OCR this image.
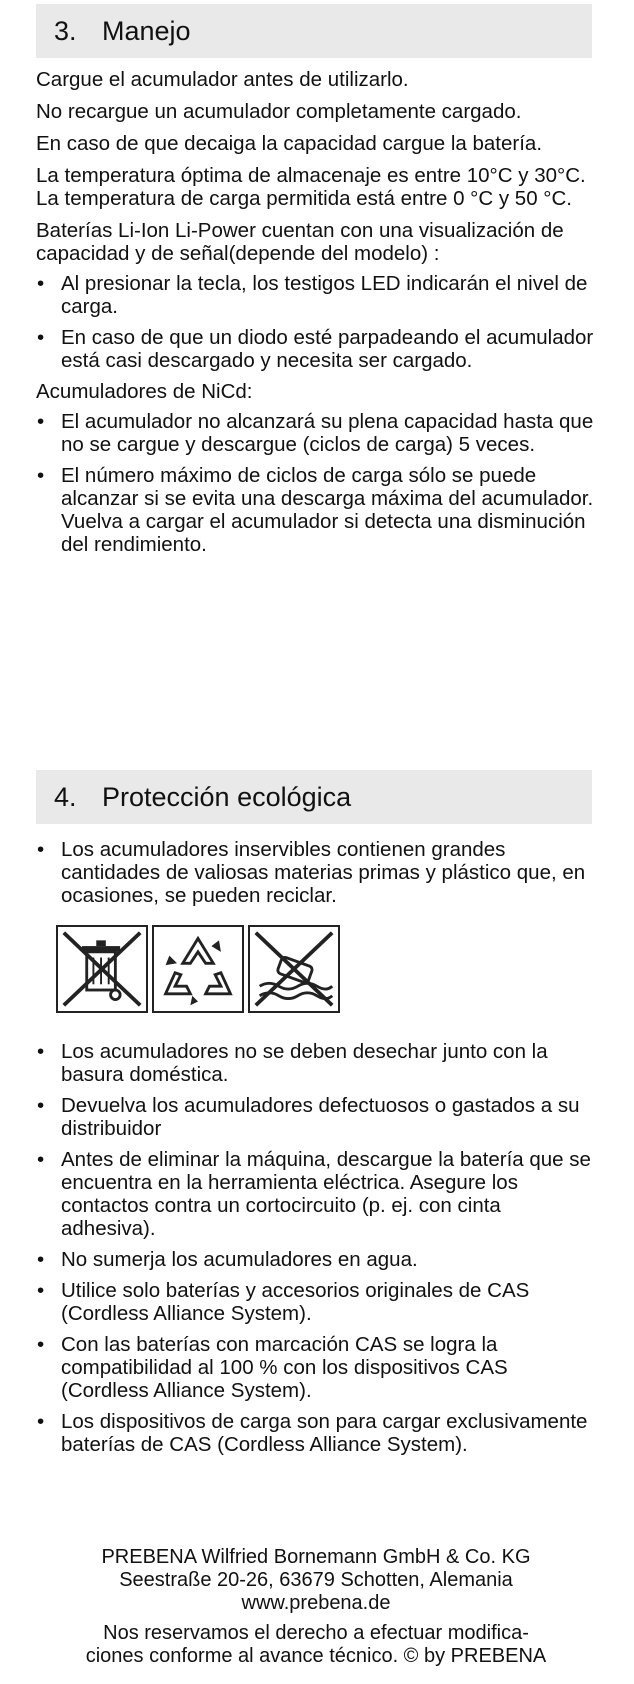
3. Manejo

Cargue el acumulador antes de utilizarlo.

No recargue un acumulador completamente cargado.

En caso de que decaiga la capacidad cargue la batería.

La temperatura óptima de almacenaje es entre 10°C y 30°C. La temperatura de carga permitida está entre 0 °C y 50 °C.

Baterías Li-Ion Li-Power cuentan con una visualización de capacidad y de señal(depende del modelo) :

• Al presionar la tecla, los testigos LED indicarán el nivel de carga.
• En caso de que un diodo esté parpadeando el acumulador está casi descargado y necesita ser cargado.

Acumuladores de NiCd:

• El acumulador no alcanzará su plena capacidad hasta que no se cargue y descargue (ciclos de carga) 5 veces.
• El número máximo de ciclos de carga sólo se puede alcanzar si se evita una descarga máxima del acumulador. Vuelva a cargar el acumulador si detecta una disminución del rendimiento.
4. Protección ecológica
• Los acumuladores inservibles contienen grandes cantidades de valiosas materias primas y plástico que, en ocasiones, se pueden reciclar.
• Los acumuladores no se deben desechar junto con la basura doméstica.
• Devuelva los acumuladores defectuosos o gastados a su distribuidor
• Antes de eliminar la máquina, descargue la batería que se encuentra en la herramienta eléctrica. Asegure los contactos contra un cortocircuito (p. ej. con cinta adhesiva).
• No sumerja los acumuladores en agua.
• Utilice solo baterías y accesorios originales de CAS (Cordless Alliance System).
• Con las baterías con marcación CAS se logra la compatibilidad al 100 % con los dispositivos CAS (Cordless Alliance System).
• Los dispositivos de carga son para cargar exclusivamente baterías de CAS (Cordless Alliance System).

PREBENA Wilfried Bornemann GmbH & Co. KG

Seestraße 20-26, 63679 Schotten, Alemania

www.prebena.de

Nos reservamos el derecho a efectuar modifica-

ciones conforme al avance técnico. © by PREBENA
